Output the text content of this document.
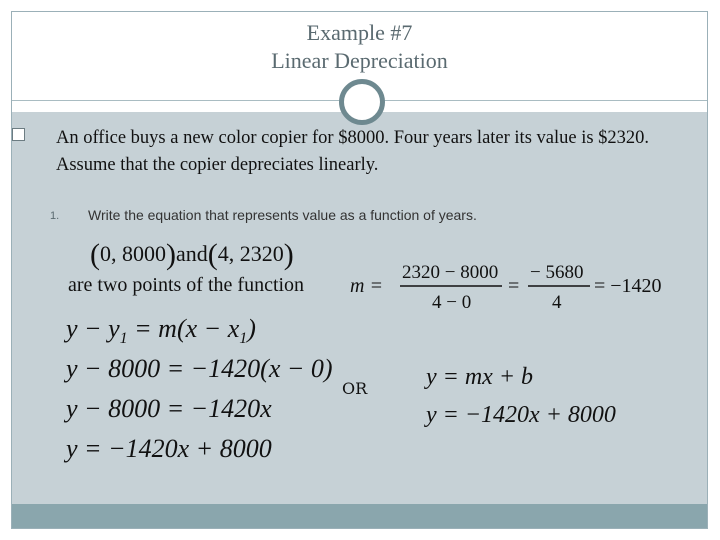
Example #7
Linear Depreciation
An office buys a new color copier for $8000. Four years later its value is $2320. Assume that the copier depreciates linearly.
1. Write the equation that represents value as a function of years.
(0, 8000)and(4, 2320)
are two points of the function m =
2320 − 8000
4 − 0
=
− 5680
4
= −1420
$y - y_1 = m(x - x_1)$
y − 8000 = −1420(x − 0)
y − 8000 = −1420x
y = −1420x + 8000
OR y = mx + b
y = −1420x + 8000
